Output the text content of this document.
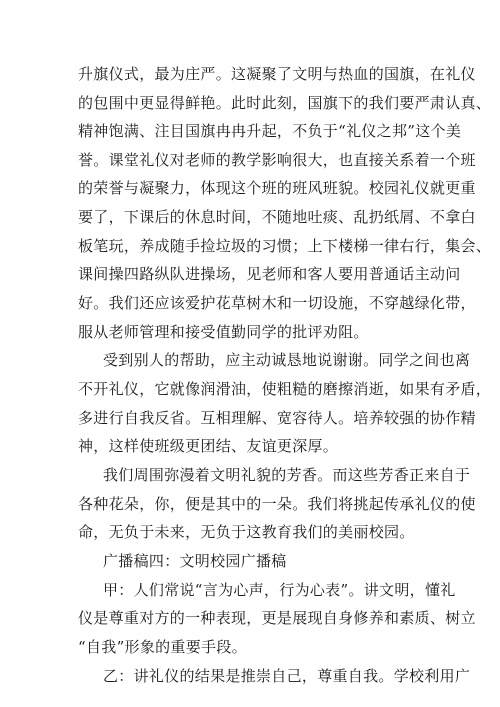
升旗仪式，最为庄严。这凝聚了文明与热血的国旗，在礼仪
的包围中更显得鲜艳。此时此刻，国旗下的我们要严肃认真、
精神饱满、注目国旗冉冉升起，不负于“礼仪之邦”这个美
誉。课堂礼仪对老师的教学影响很大，也直接关系着一个班
的荣誉与凝聚力，体现这个班的班风班貌。校园礼仪就更重
要了，下课后的休息时间，不随地吐痰、乱扔纸屑、不拿白
板笔玩，养成随手捡垃圾的习惯；上下楼梯一律右行，集会、
课间操四路纵队进操场，见老师和客人要用普通话主动问
好。我们还应该爱护花草树木和一切设施，不穿越绿化带，
服从老师管理和接受值勤同学的批评劝阻。
受到别人的帮助，应主动诚恳地说谢谢。同学之间也离
不开礼仪，它就像润滑油，使粗糙的磨擦消逝，如果有矛盾，
多进行自我反省。互相理解、宽容待人。培养较强的协作精
神，这样使班级更团结、友谊更深厚。
我们周围弥漫着文明礼貌的芳香。而这些芳香正来自于
各种花朵，你，便是其中的一朵。我们将挑起传承礼仪的使
命，无负于未来，无负于这教育我们的美丽校园。
广播稿四：文明校园广播稿
甲：人们常说“言为心声，行为心表”。讲文明，懂礼
仪是尊重对方的一种表现，更是展现自身修养和素质、树立
“自我”形象的重要手段。
乙：讲礼仪的结果是推崇自己，尊重自我。学校利用广
